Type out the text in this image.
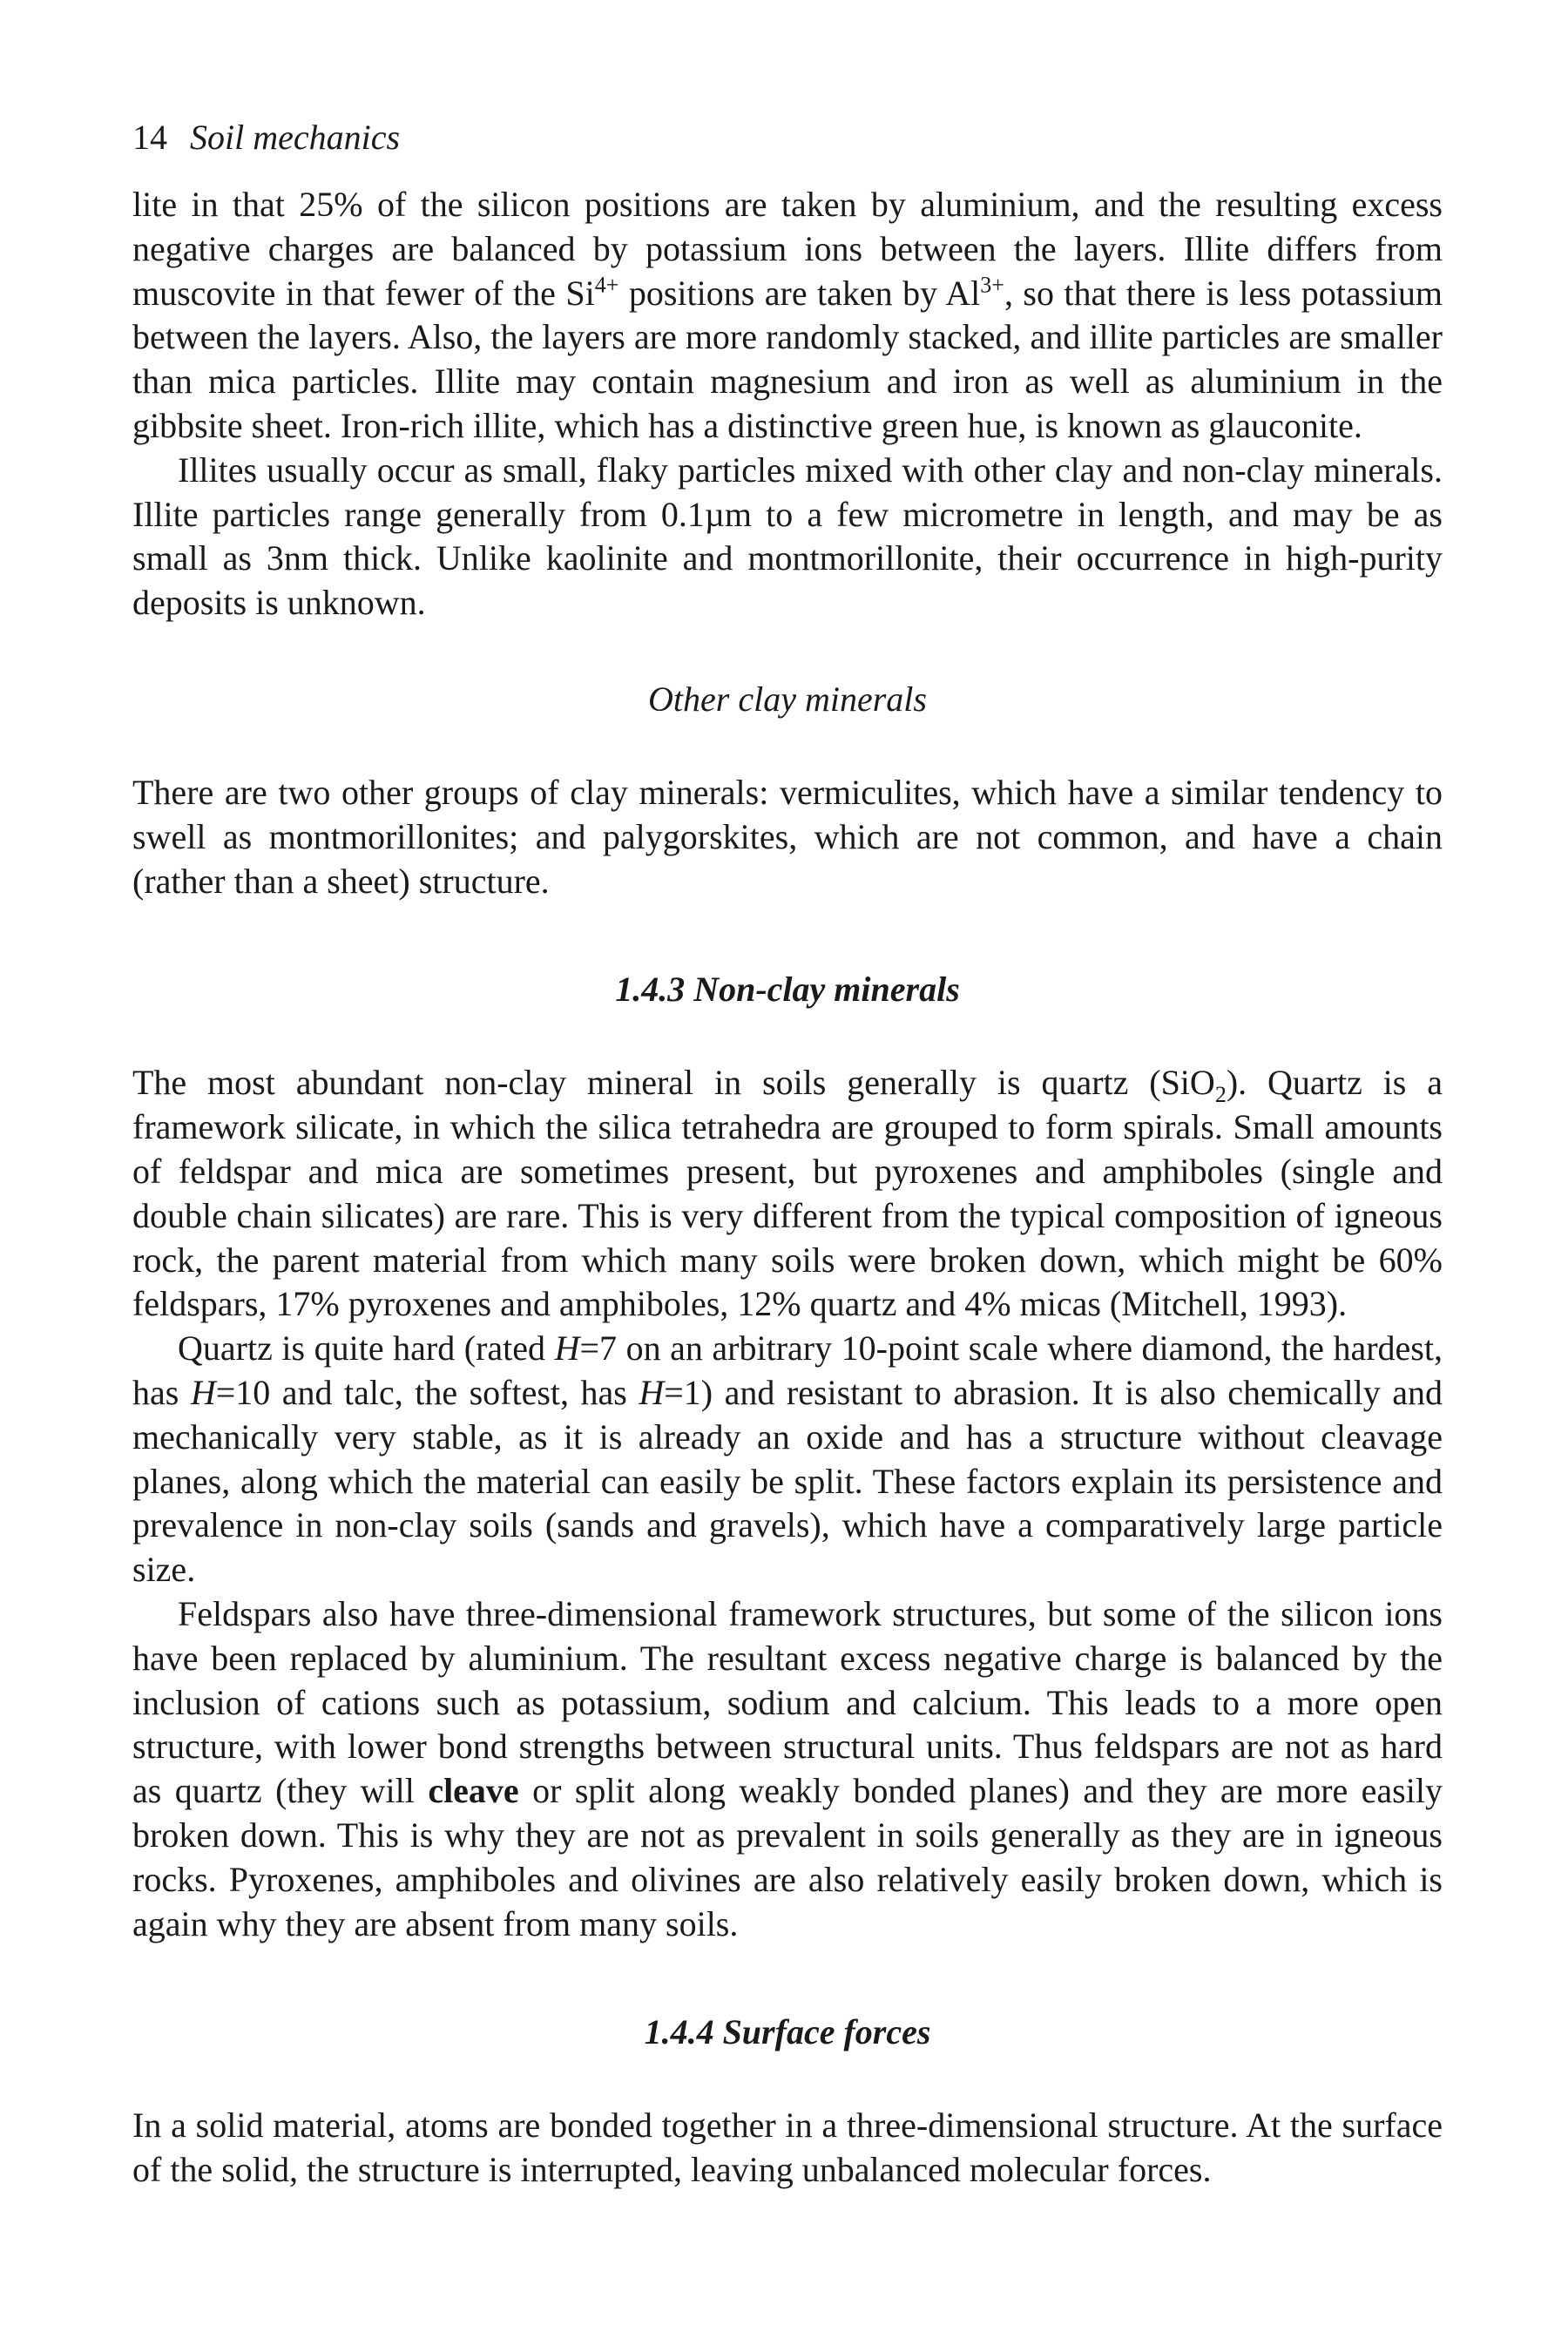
14 Soil mechanics

lite in that 25% of the silicon positions are taken by aluminium, and the resulting excess negative charges are balanced by potassium ions between the layers. Illite differs from muscovite in that fewer of the $Si^{4+}$ positions are taken by $Al^{3+}$, so that there is less potassium between the layers. Also, the layers are more randomly stacked, and illite particles are smaller than mica particles. Illite may contain magnesium and iron as well as aluminium in the gibbsite sheet. Iron-rich illite, which has a distinctive green hue, is known as glauconite.

Illites usually occur as small, flaky particles mixed with other clay and non-clay minerals. Illite particles range generally from 0.1µm to a few micrometre in length, and may be as small as 3nm thick. Unlike kaolinite and montmorillonite, their occurrence in high-purity deposits is unknown.

Other clay minerals

There are two other groups of clay minerals: vermiculites, which have a similar tendency to swell as montmorillonites; and palygorskites, which are not common, and have a chain (rather than a sheet) structure.

1.4.3 Non-clay minerals

The most abundant non-clay mineral in soils generally is quartz (SiO$_2$). Quartz is a framework silicate, in which the silica tetrahedra are grouped to form spirals. Small amounts of feldspar and mica are sometimes present, but pyroxenes and amphiboles (single and double chain silicates) are rare. This is very different from the typical composition of igneous rock, the parent material from which many soils were broken down, which might be 60% feldspars, 17% pyroxenes and amphiboles, 12% quartz and 4% micas (Mitchell, 1993).

Quartz is quite hard (rated H=7 on an arbitrary 10-point scale where diamond, the hardest, has H=10 and talc, the softest, has H=1) and resistant to abrasion. It is also chemically and mechanically very stable, as it is already an oxide and has a structure without cleavage planes, along which the material can easily be split. These factors explain its persistence and prevalence in non-clay soils (sands and gravels), which have a comparatively large particle size.

Feldspars also have three-dimensional framework structures, but some of the silicon ions have been replaced by aluminium. The resultant excess negative charge is balanced by the inclusion of cations such as potassium, sodium and calcium. This leads to a more open structure, with lower bond strengths between structural units. Thus feldspars are not as hard as quartz (they will cleave or split along weakly bonded planes) and they are more easily broken down. This is why they are not as prevalent in soils generally as they are in igneous rocks. Pyroxenes, amphiboles and olivines are also relatively easily broken down, which is again why they are absent from many soils.

1.4.4 Surface forces

In a solid material, atoms are bonded together in a three-dimensional structure. At the surface of the solid, the structure is interrupted, leaving unbalanced molecular forces.
